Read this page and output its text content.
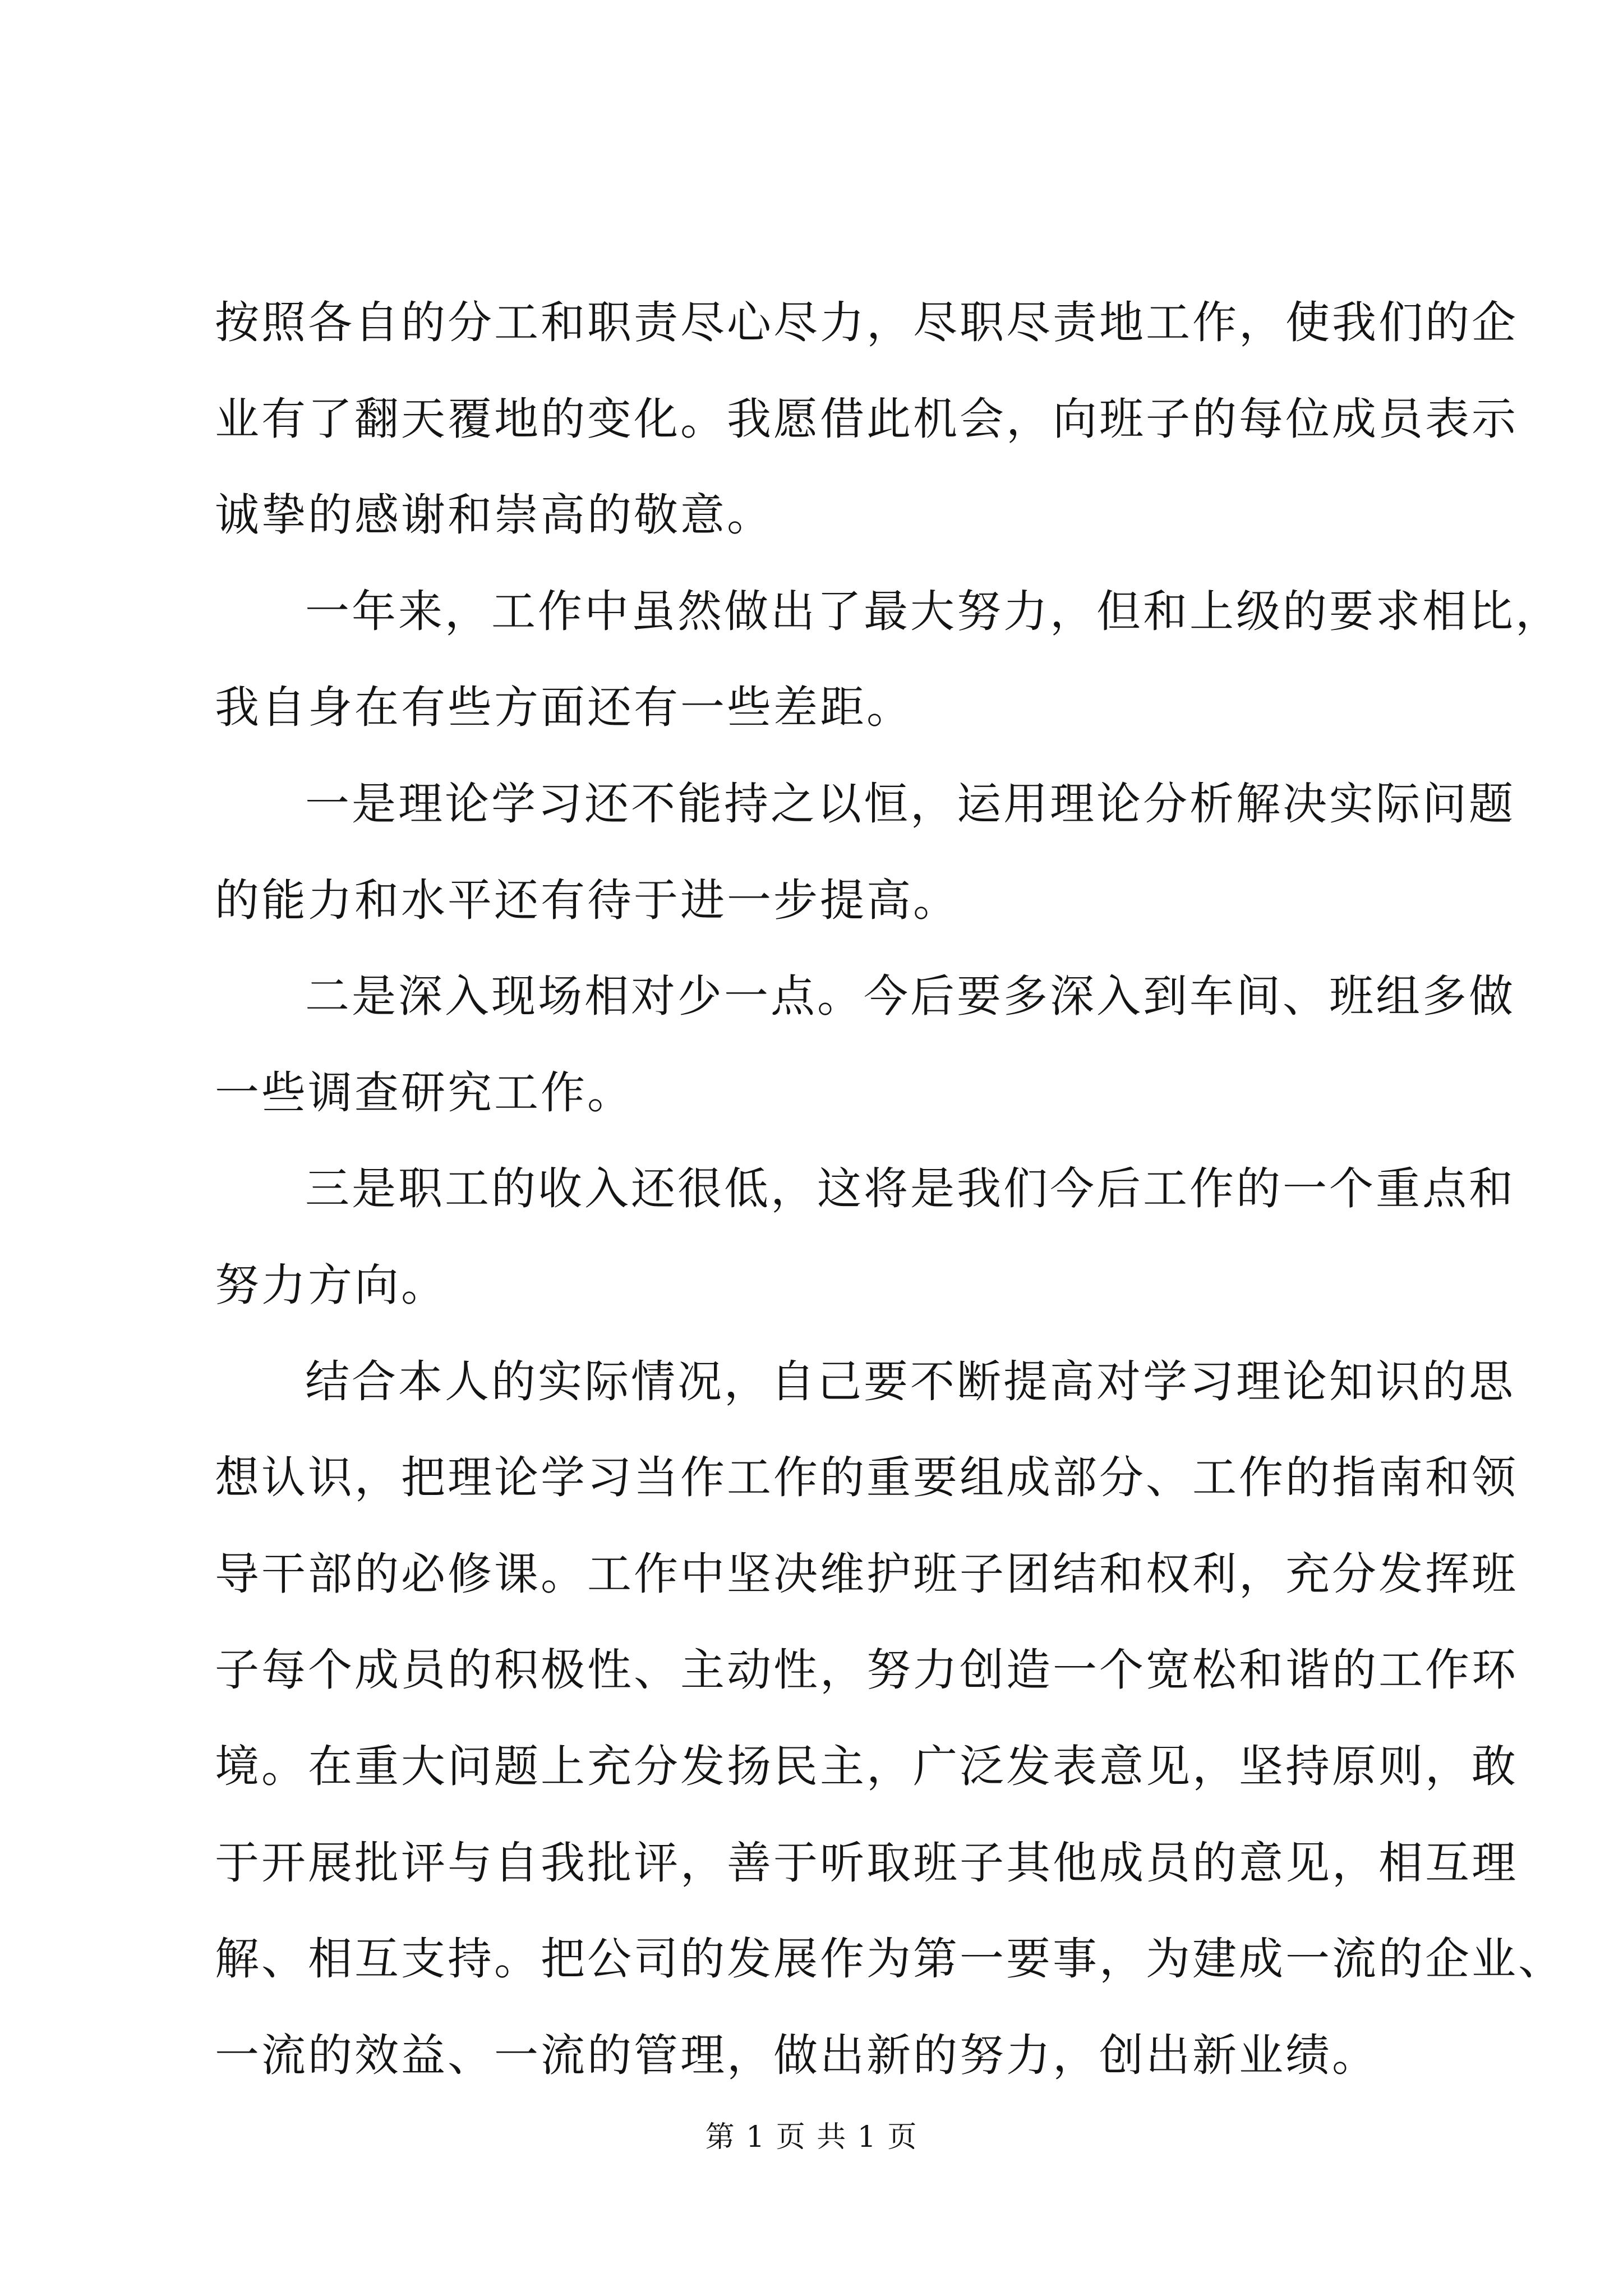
按照各自的分工和职责尽心尽力，尽职尽责地工作，使我们的企
业有了翻天覆地的变化。我愿借此机会，向班子的每位成员表示
诚挚的感谢和崇高的敬意。
一年来，工作中虽然做出了最大努力，但和上级的要求相比，
我自身在有些方面还有一些差距。
一是理论学习还不能持之以恒，运用理论分析解决实际问题
的能力和水平还有待于进一步提高。
二是深入现场相对少一点。今后要多深入到车间、班组多做
一些调查研究工作。
三是职工的收入还很低，这将是我们今后工作的一个重点和
努力方向。
结合本人的实际情况，自己要不断提高对学习理论知识的思
想认识，把理论学习当作工作的重要组成部分、工作的指南和领
导干部的必修课。工作中坚决维护班子团结和权利，充分发挥班
子每个成员的积极性、主动性，努力创造一个宽松和谐的工作环
境。在重大问题上充分发扬民主，广泛发表意见，坚持原则，敢
于开展批评与自我批评，善于听取班子其他成员的意见，相互理
解、相互支持。把公司的发展作为第一要事，为建成一流的企业、
一流的效益、一流的管理，做出新的努力，创出新业绩。
第 1 页 共 1 页
